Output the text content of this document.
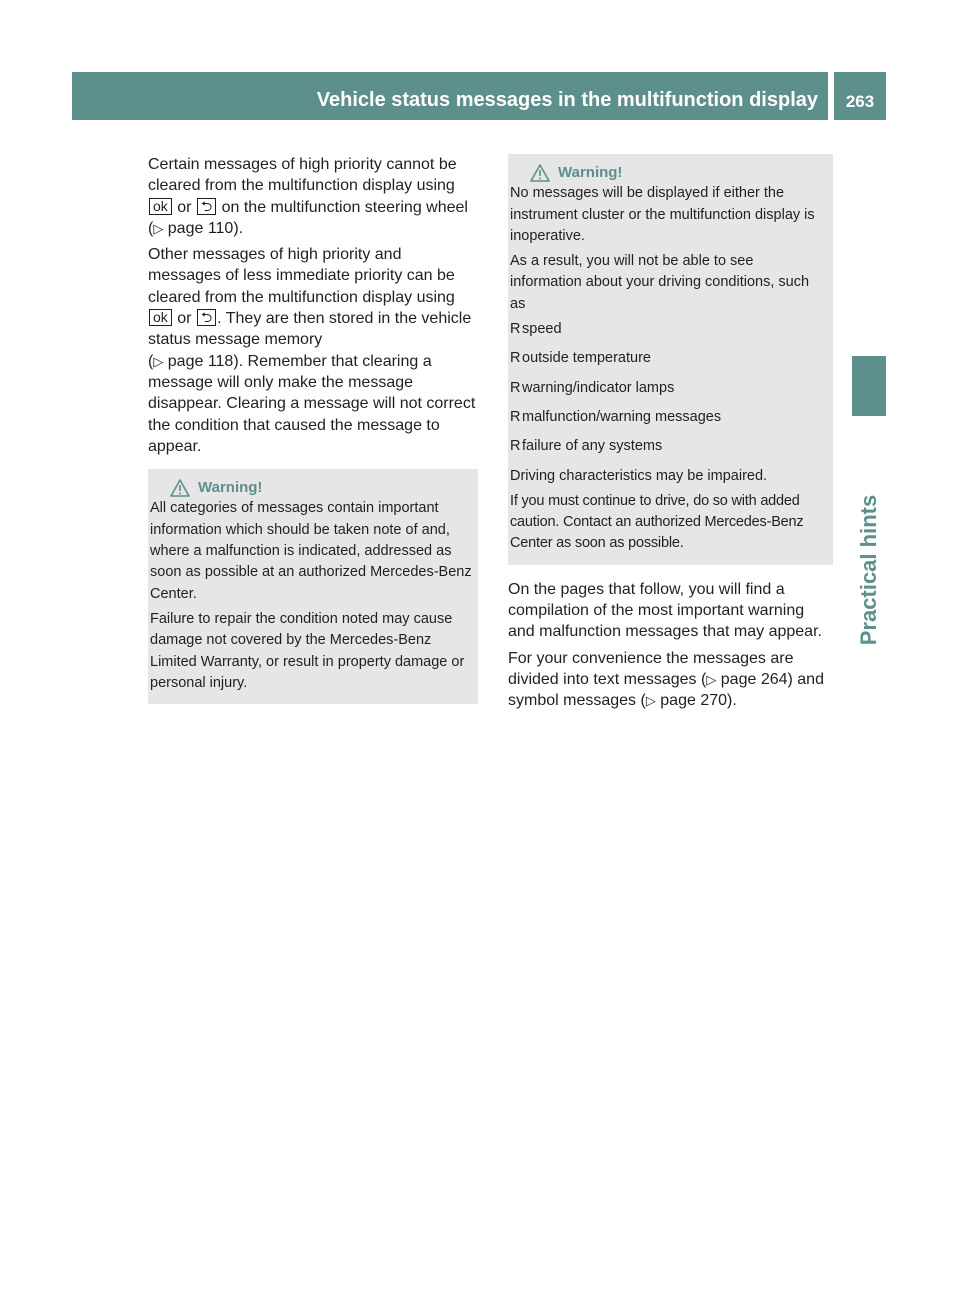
Vehicle status messages in the multifunction display	263
Practical hints

Certain messages of high priority cannot be cleared from the multifunction display using ok or ⮌ on the multifunction steering wheel (▷ page 110).

Other messages of high priority and messages of less immediate priority can be cleared from the multifunction display using ok or ⮌ . They are then stored in the vehicle status message memory
(▷ page 118). Remember that clearing a message will only make the message disappear. Clearing a message will not correct the condition that caused the message to appear.

Warning!

All categories of messages contain important information which should be taken note of and, where a malfunction is indicated, addressed as soon as possible at an authorized Mercedes-Benz Center.

Failure to repair the condition noted may cause damage not covered by the Mercedes-Benz Limited Warranty, or result in property damage or personal injury.

Warning!

No messages will be displayed if either the instrument cluster or the multifunction display is inoperative.

As a result, you will not be able to see information about your driving conditions, such as

R speed
R outside temperature
R warning/indicator lamps
R malfunction/warning messages
R failure of any systems

Driving characteristics may be impaired.

If you must continue to drive, do so with added caution. Contact an authorized Mercedes-Benz Center as soon as possible.

On the pages that follow, you will find a compilation of the most important warning and malfunction messages that may appear.

For your convenience the messages are divided into text messages (▷ page 264) and symbol messages (▷ page 270).
